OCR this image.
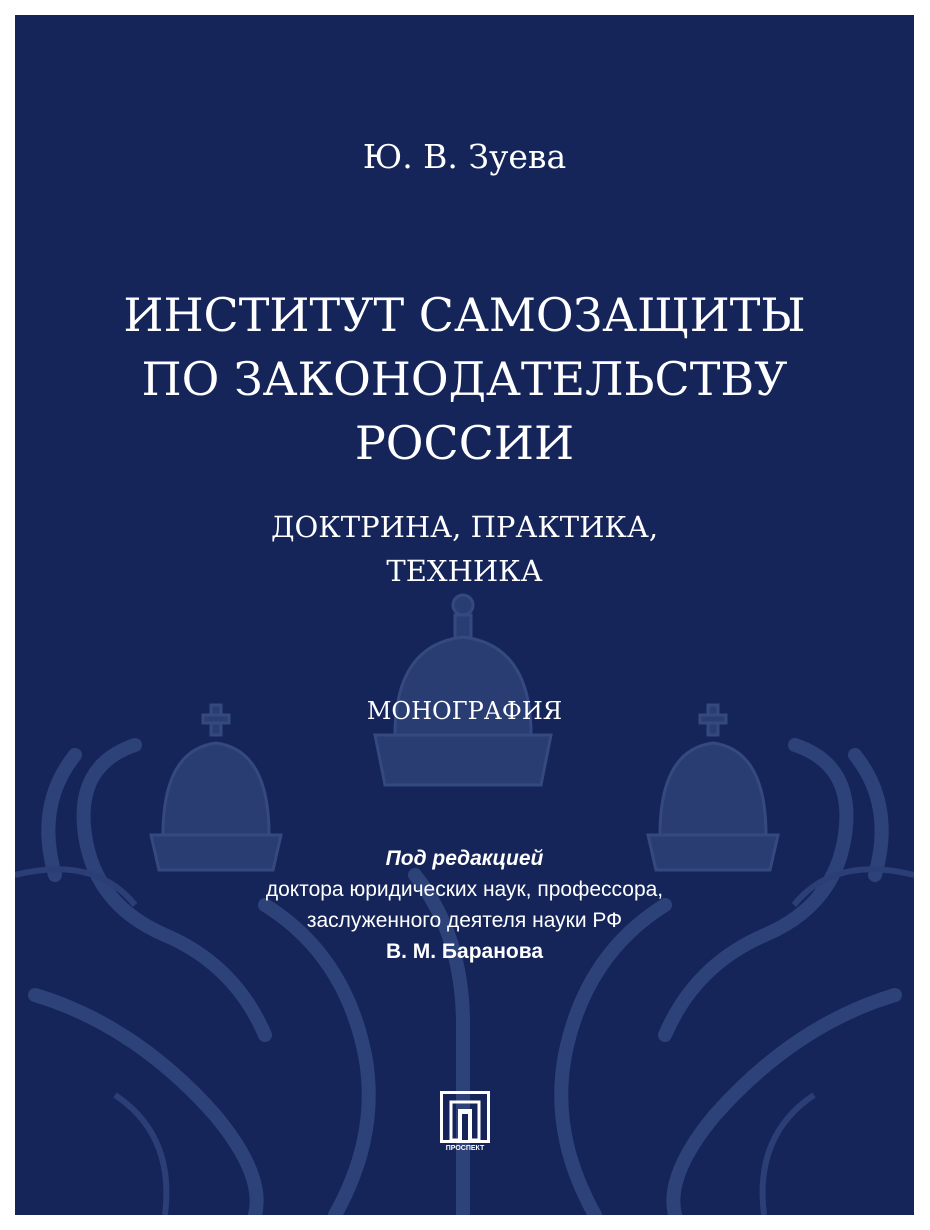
Ю. В. Зуева
ИНСТИТУТ САМОЗАЩИТЫ
ПО ЗАКОНОДАТЕЛЬСТВУ
РОССИИ
ДОКТРИНА, ПРАКТИКА,
ТЕХНИКА
МОНОГРАФИЯ
Под редакцией
доктора юридических наук, профессора,
заслуженного деятеля науки РФ
В. М. Баранова
ПРОСПЕКТ
